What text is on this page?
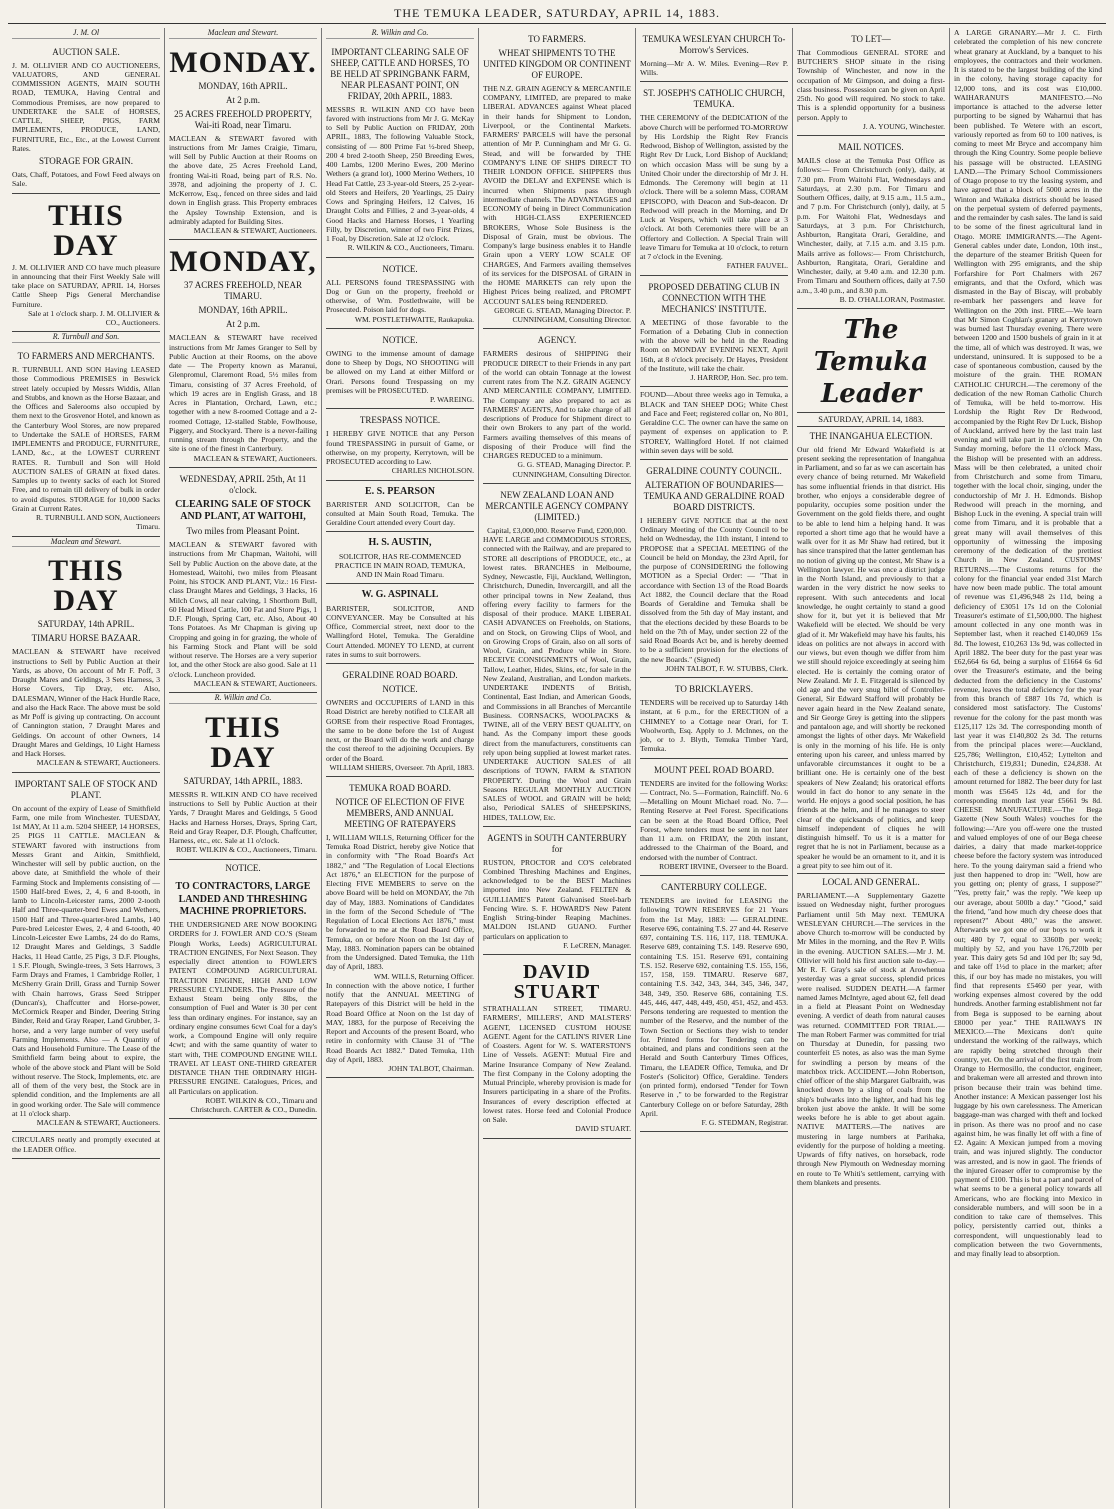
THE TEMUKA LEADER, SATURDAY, APRIL 14, 1883.
J. M. Ol
AUCTION SALE.
J. M. OLLIVIER AND CO AUCTIONEERS, VALUATORS, AND GENERAL COMMISSION AGENTS, MAIN SOUTH ROAD, TEMUKA, Having Central and Commodious Premises, are now prepared to UNDERTAKE the SALE of HORSES, CATTLE, SHEEP, PIGS, FARM IMPLEMENTS, PRODUCE, LAND, FURNITURE, Etc., Etc., at the Lowest Current Rates.
STORAGE FOR GRAIN.
Oats, Chaff, Potatoes, and Fowl Feed always on Sale.
THIS DAY
J. M. OLLIVIER AND CO have much pleasure in announcing that their First Weekly Sale will take place on SATURDAY, APRIL 14, Horses Cattle Sheep Pigs General Merchandise Furniture.
Sale at 1 o'clock sharp. J. M. OLLIVIER & CO., Auctioneers.
R. Turnbull and Son.
TO FARMERS AND MERCHANTS.
R. TURNBULL AND SON Having LEASED those Commodious PREMISES in Beswick street lately occupied by Messrs Widdis, Allan and Stubbs, and known as the Horse Bazaar, and the Offices and Salerooms also occupied by them next to the Grosvenor Hotel, and known as the Canterbury Wool Stores, are now prepared to Undertake the SALE of HORSES, FARM IMPLEMENTS and PRODUCE, FURNITURE, LAND, &c., at the LOWEST CURRENT RATES. R. Turnbull and Son will Hold AUCTION SALES of GRAIN at fixed dates. Samples up to twenty sacks of each lot Stored Free, and to remain till delivery of bulk in order to avoid disputes. STORAGE for 10,000 Sacks Grain at Current Rates.
R. TURNBULL AND SON, Auctioneers Timaru.
Maclean and Stewart.
THIS DAY
SATURDAY, 14th APRIL.
TIMARU HORSE BAZAAR.
MACLEAN & STEWART have received instructions to Sell by Public Auction at their Yards, as above, On account of Mr F. Poff, 3 Draught Mares and Geldings, 3 Sets Harness, 3 Horse Covers, Tip Dray, etc. Also, DALESMAN, Winner of the Hack Hurdle Race, and also the Hack Race. The above must be sold as Mr Poff is giving up contracting. On account of Cannington station, 7 Draught Mares and Geldings. On account of other Owners, 14 Draught Mares and Geldings, 10 Light Harness and Hack Horses.
MACLEAN & STEWART, Auctioneers.
IMPORTANT SALE OF STOCK AND PLANT.
On account of the expiry of Lease of Smithfield Farm, one mile from Winchester. TUESDAY, 1st MAY, At 11 a.m. 5204 SHEEP, 14 HORSES, 25 PIGS 11 CATTLE. MACLEAN & STEWART favored with instructions from Messrs Grant and Aitkin, Smithfield, Winchester will sell by public auction, on the above date, at Smithfield the whole of their Farming Stock and Implements consisting of — 1500 Half-bred Ewes, 2, 4, 6 and 8-tooth, in lamb to Lincoln-Leicester rams, 2000 2-tooth Half and Three-quarter-bred Ewes and Wethers, 1500 Half and Three-quarter-bred Lambs, 140 Pure-bred Leicester Ewes, 2, 4 and 6-tooth, 40 Lincoln-Leicester Ewe Lambs, 24 do do Rams, 12 Draught Mares and Geldings, 3 Saddle Hacks, 11 Head Cattle, 25 Pigs, 3 D.F. Ploughs, 1 S.F. Plough, Swingle-trees, 3 Sets Harrows, 3 Farm Drays and Frames, 1 Cambridge Roller, 1 McSherry Grain Drill, Grass and Turnip Sower with Chain harrows, Grass Seed Stripper (Duncan's), Chaffcutter and Horse-power, McCormick Reaper and Binder, Deering String Binder, Reid and Gray Reaper, Land Grubber, 3-horse, and a very large number of very useful Farming Implements. Also — A Quantity of Oats and Household Furniture. The Lease of the Smithfield farm being about to expire, the whole of the above stock and Plant will be Sold without reserve. The Stock, Implements, etc. are all of them of the very best, the Stock are in splendid condition, and the Implements are all in good working order. The Sale will commence at 11 o'clock sharp.
MACLEAN & STEWART, Auctioneers.
CIRCULARS neatly and promptly executed at the LEADER Office.
Maclean and Stewart.
MONDAY.
MONDAY, 16th APRIL.
At 2 p.m.
25 ACRES FREEHOLD PROPERTY, Wai-iti Road, near Timaru.
MACLEAN & STEWART favored with instructions from Mr James Craigie, Timaru, will Sell by Public Auction at their Rooms on the above date, 25 Acres Freehold Land, fronting Wai-iti Road, being part of R.S. No. 3978, and adjoining the property of J. C. McKerrow, Esq., fenced on three sides and laid down in English grass. This Property embraces the Apsley Township Extension, and is admirably adapted for Building Sites.
MACLEAN & STEWART, Auctioneers.
MONDAY,
37 ACRES FREEHOLD, NEAR TIMARU.
MONDAY, 16th APRIL.
At 2 p.m.
MACLEAN & STEWART have received instructions from Mr James Granger to Sell by Public Auction at their Rooms, on the above date — The Property known as Maranui, Glenpromul, Claremont Road, 5½ miles from Timaru, consisting of 37 Acres Freehold, of which 19 acres are in English Grass, and 18 Acres in Plantation, Orchard, Lawn, etc.; together with a new 8-roomed Cottage and a 2-roomed Cottage, 12-stalled Stable, Fowlhouse, Piggery, and Stockyard. There is a never-failing running stream through the Property, and the site is one of the finest in Canterbury.
MACLEAN & STEWART, Auctioneers.
WEDNESDAY, APRIL 25th, At 11 o'clock.
CLEARING SALE OF STOCK AND PLANT, AT WAITOHI,
Two miles from Pleasant Point.
MACLEAN & STEWART favored with instructions from Mr Chapman, Waitohi, will Sell by Public Auction on the above date, at the Homestead, Waitohi, two miles from Pleasant Point, his STOCK AND PLANT, Viz.: 16 First-class Draught Mares and Geldings, 3 Hacks, 16 Milch Cows, all near calving, 1 Shorthorn Bull, 60 Head Mixed Cattle, 100 Fat and Store Pigs, 1 D.F. Plough, Spring Cart, etc. Also, About 40 Tons Potatoes. As Mr Chapman is giving up Cropping and going in for grazing, the whole of his Farming Stock and Plant will be sold without reserve. The Horses are a very superior lot, and the other Stock are also good. Sale at 11 o'clock. Luncheon provided.
MACLEAN & STEWART, Auctioneers.
R. Wilkin and Co.
THIS DAY
SATURDAY, 14th APRIL, 1883.
MESSRS R. WILKIN AND CO have received instructions to Sell by Public Auction at their Yards, 7 Draught Mares and Geldings, 5 Good Hacks and Harness Horses, Drays, Spring Cart, Reid and Gray Reaper, D.F. Plough, Chaffcutter, Harness, etc., etc. Sale at 11 o'clock.
ROBT. WILKIN & CO., Auctioneers, Timaru.
NOTICE.
TO CONTRACTORS, LARGE LANDED AND THRESHING MACHINE PROPRIETORS.
THE UNDERSIGNED ARE NOW BOOKING ORDERS for J. FOWLER AND CO.'S (Steam Plough Works, Leeds) AGRICULTURAL TRACTION ENGINES, For Next Season. They especially direct attention to FOWLER'S PATENT COMPOUND AGRICULTURAL TRACTION ENGINE, HIGH AND LOW PRESSURE CYLINDERS. The Pressure of the Exhaust Steam being only 8lbs, the consumption of Fuel and Water is 30 per cent less than ordinary engines. For instance, say an ordinary engine consumes 6cwt Coal for a day's work, a Compound Engine will only require 4cwt; and with the same quantity of water to start with, THE COMPOUND ENGINE WILL TRAVEL AT LEAST ONE-THIRD GREATER DISTANCE THAN THE ORDINARY HIGH-PRESSURE ENGINE. Catalogues, Prices, and all Particulars on application.
ROBT. WILKIN & CO., Timaru and Christchurch. CARTER & CO., Dunedin.
R. Wilkin and Co.
IMPORTANT CLEARING SALE OF SHEEP, CATTLE AND HORSES, TO BE HELD AT SPRINGBANK FARM, NEAR PLEASANT POINT, ON FRIDAY, 20th APRIL, 1883.
MESSRS R. WILKIN AND CO have been favored with instructions from Mr J. G. McKay to Sell by Public Auction on FRIDAY, 20th APRIL, 1883, The following Valuable Stock, consisting of — 800 Prime Fat ½-bred Sheep, 200 4 bred 2-tooth Sheep, 250 Breeding Ewes, 400 Lambs, 1200 Merino Ewes, 200 Merino Wethers (a grand lot), 1000 Merino Wethers, 10 Head Fat Cattle, 23 3-year-old Steers, 25 2-year-old Steers and Heifers, 20 Yearlings, 25 Dairy Cows and Springing Heifers, 12 Calves, 16 Draught Colts and Fillies, 2 and 3-year-olds, 4 Good Hacks and Harness Horses, 1 Yearling Filly, by Discretion, winner of two First Prizes, 1 Foal, by Discretion. Sale at 12 o'clock.
R. WILKIN & CO., Auctioneers, Timaru.
NOTICE.
ALL PERSONS found TRESPASSING with Dog or Gun on the property, freehold or otherwise, of Wm. Postlethwaite, will be Prosecuted. Poison laid for dogs.
WM. POSTLETHWAITE, Raukapuka.
NOTICE.
OWING to the immense amount of damage done to Sheep by Dogs, NO SHOOTING will be allowed on my Land at either Milford or Orari. Persons found Trespassing on my premises will be PROSECUTED.
P. WAREING.
TRESPASS NOTICE.
I HEREBY GIVE NOTICE that any Person found TRESPASSING in pursuit of Game, or otherwise, on my property, Kerrytown, will be PROSECUTED according to Law.
CHARLES NICHOLSON.
E. S. PEARSON
BARRISTER AND SOLICITOR, Can be consulted at Main South Road, Temuka. The Geraldine Court attended every Court day.
H. S. AUSTIN,
SOLICITOR, HAS RE-COMMENCED PRACTICE IN MAIN ROAD, TEMUKA, AND IN Main Road Timaru.
W. G. ASPINALL
BARRISTER, SOLICITOR, AND CONVEYANCER. May be Consulted at his Office, Commercial street, next door to the Wallingford Hotel, Temuka. The Geraldine Court Attended. MONEY TO LEND, at current rates in sums to suit borrowers.
GERALDINE ROAD BOARD.
NOTICE.
OWNERS and OCCUPIERS of LAND in this Road District are hereby notified to CLEAR all GORSE from their respective Road Frontages, the same to be done before the 1st of August next, or the Board will do the work and charge the cost thereof to the adjoining Occupiers. By order of the Board.
WILLIAM SHIERS, Overseer. 7th April, 1883.
TEMUKA ROAD BOARD.
NOTICE OF ELECTION OF FIVE MEMBERS, AND ANNUAL MEETING OF RATEPAYERS
I, WILLIAM WILLS, Returning Officer for the Temuka Road District, hereby give Notice that in conformity with "The Road Board's Act 1882," and "The Regulation of Local Elections Act 1876," an ELECTION for the purpose of Electing FIVE MEMBERS to serve on the above Board will be held on MONDAY, the 7th day of May, 1883. Nominations of Candidates in the form of the Second Schedule of "The Regulation of Local Elections Act 1876," must be forwarded to me at the Road Board Office, Temuka, on or before Noon on the 1st day of May, 1883. Nomination papers can be obtained from the Undersigned. Dated Temuka, the 11th day of April, 1883.
WM. WILLS, Returning Officer.
In connection with the above notice, I further notify that the ANNUAL MEETING of Ratepayers of this District will be held in the Road Board Office at Noon on the 1st day of MAY, 1883, for the purpose of Receiving the Report and Accounts of the present Board, who retire in conformity with Clause 31 of "The Road Boards Act 1882." Dated Temuka, 11th day of April, 1883.
JOHN TALBOT, Chairman.
TO FARMERS.
WHEAT SHIPMENTS TO THE UNITED KINGDOM OR CONTINENT OF EUROPE.
THE N.Z. GRAIN AGENCY & MERCANTILE COMPANY, LIMITED, are prepared to make LIBERAL ADVANCES against Wheat placed in their hands for Shipment to London, Liverpool, or the Continental Markets. FARMERS' PARCELS will have the personal attention of Mr P. Cunningham and Mr G. G. Stead, and will be forwarded by THE COMPANY'S LINE OF SHIPS DIRECT TO THEIR LONDON OFFICE. SHIPPERS thus AVOID the DELAY and EXPENSE which is incurred when Shipments pass through intermediate channels. The ADVANTAGES and ECONOMY of being in Direct Communication with HIGH-CLASS EXPERIENCED BROKERS, Whose Sole Business is the Disposal of Grain, must be obvious. The Company's large business enables it to Handle Grain upon a VERY LOW SCALE OF CHARGES, And Farmers availing themselves of its services for the DISPOSAL of GRAIN in the HOME MARKETS can rely upon the Highest Prices being realized, and PROMPT ACCOUNT SALES being RENDERED.
GEORGE G. STEAD, Managing Director. P. CUNNINGHAM, Consulting Director.
AGENCY.
FARMERS desirous of SHIPPING their PRODUCE DIRECT to their Friends in any part of the world can obtain Tonnage at the lowest current rates from The N.Z. GRAIN AGENCY AND MERCANTILE COMPANY, LIMITED. The Company are also prepared to act as FARMERS' AGENTS, And to take charge of all descriptions of Produce for Shipment direct to their own Brokers to any part of the world. Farmers availing themselves of this means of disposing of their Produce will find the CHARGES REDUCED to a minimum.
G. G. STEAD, Managing Director. P. CUNNINGHAM, Consulting Director.
NEW ZEALAND LOAN AND MERCANTILE AGENCY COMPANY (LIMITED.)
Capital, £3,000,000. Reserve Fund, £200,000.
HAVE LARGE and COMMODIOUS STORES, connected with the Railway, and are prepared to STORE all descriptions of PRODUCE, etc., at lowest rates. BRANCHES in Melbourne, Sydney, Newcastle, Fiji, Auckland, Wellington, Christchurch, Dunedin, Invercargill, and all the other principal towns in New Zealand, thus offering every facility to farmers for the disposal of their produce. MAKE LIBERAL CASH ADVANCES on Freeholds, on Stations, and on Stock, on Growing Clips of Wool, and on Growing Crops of Grain, also on all sorts of Wool, Grain, and Produce while in Store. RECEIVE CONSIGNMENTS of Wool, Grain, Tallow, Leather, Hides, Skins, etc, for sale in the New Zealand, Australian, and London markets. UNDERTAKE INDENTS of British, Continental, East Indian, and American Goods, and Commissions in all Branches of Mercantile Business. CORNSACKS, WOOLPACKS & TWINE, all of the VERY BEST QUALITY, on hand. As the Company import these goods direct from the manufacturers, constituents can rely upon being supplied at lowest market rates. UNDERTAKE AUCTION SALES of all descriptions of TOWN, FARM & STATION PROPERTY. During the Wool and Grain Seasons REGULAR MONTHLY AUCTION SALES of WOOL and GRAIN will be held; also, Periodical SALES of SHEEPSKINS, HIDES, TALLOW, Etc.
AGENTS in SOUTH CANTERBURY for
RUSTON, PROCTOR and CO'S celebrated Combined Threshing Machines and Engines, acknowledged to be the BEST Machines imported into New Zealand. FELTEN & GUILLIAME'S Patent Galvanised Steel-barb Fencing Wire. S. F. HOWARD'S New Patent English String-binder Reaping Machines. MALDON ISLAND GUANO. Further particulars on application to
F. LeCREN, Manager.
DAVID STUART
STRATHALLAN STREET, TIMARU. FARMERS', MILLERS', AND MALSTERS' AGENT, LICENSED CUSTOM HOUSE AGENT. Agent for the CATLIN'S RIVER Line of Coasters. Agent for W. S. WATERSTON'S Line of Vessels. AGENT: Mutual Fire and Marine Insurance Company of New Zealand. The first Company in the Colony adopting the Mutual Principle, whereby provision is made for Insurers participating in a share of the Profits. Insurances of every description effected at lowest rates. Horse feed and Colonial Produce on Sale.
DAVID STUART.
TEMUKA WESLEYAN CHURCH To-Morrow's Services.
Morning—Mr A. W. Miles. Evening—Rev P. Wills.
ST. JOSEPH'S CATHOLIC CHURCH, TEMUKA.
THE CEREMONY of the DEDICATION of the above Church will be performed TO-MORROW by His Lordship the Right Rev Francis Redwood, Bishop of Wellington, assisted by the Right Rev Dr Luck, Lord Bishop of Auckland; on which occasion Mass will be sung by a United Choir under the directorship of Mr J. H. Edmonds. The Ceremony will begin at 11 o'clock. There will be a solemn Mass, CORAM EPISCOPO, with Deacon and Sub-deacon. Dr Redwood will preach in the Morning, and Dr Luck at Vespers, which will take place at 3 o'clock. At both Ceremonies there will be an Offertory and Collection. A Special Train will leave Timaru for Temuka at 10 o'clock, to return at 7 o'clock in the Evening.
FATHER FAUVEL.
PROPOSED DEBATING CLUB IN CONNECTION WITH THE MECHANICS' INSTITUTE.
A MEETING of those favorable to the Formation of a Debating Club in connection with the above will be held in the Reading Room on MONDAY EVENING NEXT, April 16th, at 8 o'clock precisely. Dr Hayes, President of the Institute, will take the chair.
J. HARROP, Hon. Sec. pro tem.
FOUND—About three weeks ago in Temuka, a BLACK and TAN SHEEP DOG; White Chest and Face and Feet; registered collar on, No 801, Geraldine C.C. The owner can have the same on payment of expenses on application to P. STOREY, Wallingford Hotel. If not claimed within seven days will be sold.
GERALDINE COUNTY COUNCIL.
ALTERATION OF BOUNDARIES—TEMUKA AND GERALDINE ROAD BOARD DISTRICTS.
I HEREBY GIVE NOTICE that at the next Ordinary Meeting of the County Council to be held on Wednesday, the 11th instant, I intend to PROPOSE that a SPECIAL MEETING of the Council be held on Monday, the 23rd April, for the purpose of CONSIDERING the following MOTION as a Special Order: — "That in accordance with Section 13 of the Road Boards Act 1882, the Council declare that the Road Boards of Geraldine and Temuka shall be dissolved from the 5th day of May instant, and that the elections decided by these Boards to be held on the 7th of May, under section 22 of the said Road Boards Act be, and is hereby deemed to be a sufficient provision for the elections of the new Boards." (Signed)
JOHN TALBOT, F. W. STUBBS, Clerk.
TO BRICKLAYERS.
TENDERS will be received up to Saturday 14th instant, at 6 p.m., for the ERECTION of a CHIMNEY to a Cottage near Orari, for T. Woolworth, Esq. Apply to J. McInnes, on the job, or to J. Blyth, Temuka Timber Yard, Temuka.
MOUNT PEEL ROAD BOARD.
TENDERS are invited for the following Works: — Contract, No. 5—Formation, Raincliff. No. 6—Metalling on Mount Michael road. No. 7—Renting Reserve at Peel Forest. Specifications can be seen at the Road Board Office, Peel Forest, where tenders must be sent in not later than 11 a.m. on FRIDAY, the 20th instant, addressed to the Chairman of the Board, and endorsed with the number of Contract.
ROBERT IRVINE, Overseer to the Board.
CANTERBURY COLLEGE.
TENDERS are invited for LEASING the following TOWN RESERVES for 21 Years from the 1st May, 1883: — GERALDINE. Reserve 696, containing T.S. 27 and 44. Reserve 697, containing T.S. 116, 117, 118. TEMUKA. Reserve 689, containing T.S. 149. Reserve 690, containing T.S. 151. Reserve 691, containing T.S. 152. Reserve 692, containing T.S. 155, 156, 157, 158, 159. TIMARU. Reserve 687, containing T.S. 342, 343, 344, 345, 346, 347, 348, 349, 350. Reserve 686, containing T.S. 445, 446, 447, 448, 449, 450, 451, 452, and 453. Persons tendering are requested to mention the number of the Reserve, and the number of the Town Section or Sections they wish to tender for. Printed forms for Tendering can be obtained, and plans and conditions seen at the Herald and South Canterbury Times Offices, Timaru, the LEADER Office, Temuka, and Dr Foster's (Solicitor) Office, Geraldine. Tenders (on printed form), endorsed "Tender for Town Reserve in ," to be forwarded to the Registrar Canterbury College on or before Saturday, 28th April.
F. G. STEDMAN, Registrar.
TO LET—
That Commodious GENERAL STORE and BUTCHER'S SHOP situate in the rising Township of Winchester, and now in the occupation of Mr Gimpson, and doing a first-class business. Possession can be given on April 25th. No good will required. No stock to take. This is a splendid opportunity for a business person. Apply to
J. A. YOUNG, Winchester.
MAIL NOTICES.
MAILS close at the Temuka Post Office as follows:— From Christchurch (only), daily, at 7.30 pm. From Waitohi Flat, Wednesdays and Saturdays, at 2.30 p.m. For Timaru and Southern Offices, daily, at 9.15 a.m., 11.5 a.m., and 7 p.m. For Christchurch (only), daily, at 5 p.m. For Waitohi Flat, Wednesdays and Saturdays, at 3 p.m. For Christchurch, Ashburton, Rangitata Orari, Geraldine, and Winchester, daily, at 7.15 a.m. and 3.15 p.m. Mails arrive as follows:— From Christchurch, Ashburton, Rangitata, Orari, Geraldine and Winchester, daily, at 9.40 a.m. and 12.30 p.m. From Timaru and Southern offices, daily at 7.50 a.m., 3.40 p.m., and 8.30 p.m.
B. D. O'HALLORAN, Postmaster.
The Temuka Leader
SATURDAY, APRIL 14, 1883.
THE INANGAHUA ELECTION.
Our old friend Mr Edward Wakefield is at present seeking the representation of Inangahua in Parliament, and so far as we can ascertain has every chance of being returned. Mr Wakefield has some influential friends in that district. His brother, who enjoys a considerable degree of popularity, occupies some position under the Government on the gold fields there, and ought to be able to lend him a helping hand. It was reported a short time ago that he would have a walk over for it as Mr Shaw had retired, but it has since transpired that the latter gentleman has no notion of giving up the contest, Mr Shaw is a Wellington lawyer. He was once a district judge in the North Island, and previously to that a warden in the very district he now seeks to represent. With such antecedents and local knowledge, he ought certainly to stand a good show for it, but yet it is believed that Mr Wakefield will be elected. We should be very glad of it. Mr Wakefield may have his faults, his ideas on politics are not always in accord with our views, but even though we differ from him we still should rejoice exceedingly at seeing him elected. He is certainly the coming orator of New Zealand. Mr J. E. Fitzgerald is silenced by old age and the very snug billet of Controller-General, Sir Edward Stafford will probably be never again heard in the New Zealand senate, and Sir George Grey is getting into the slippers and pantaloon age, and will shortly be reckoned amongst the lights of other days. Mr Wakefield is only in the morning of his life. He is only entering upon his career, and unless marred by unfavorable circumstances it ought to be a brilliant one. He is certainly one of the best speakers of New Zealand; his oratorical efforts would in fact do honor to any senate in the world. He enjoys a good social position, he has friends at the helm, and if he manages to steer clear of the quicksands of politics, and keep himself independent of cliques he will distinguish himself. To us it is a matter for regret that he is not in Parliament, because as a speaker he would be an ornament to it, and it is a great pity to see him out of it.
LOCAL AND GENERAL.
PARLIAMENT.—A Supplementary Gazette issued on Wednesday night, further prorogues Parliament until 5th May next. TEMUKA WESLEYAN CHURCH.—The services in the above Church to-morrow will be conducted by Mr Miles in the morning, and the Rev P. Wills in the evening. AUCTION SALES.—Mr J. M. Ollivier will hold his first auction sale to-day.—Mr R. F. Gray's sale of stock at Arowhenua yesterday was a great success, splendid prices were realised. SUDDEN DEATH.—A farmer named James McIntyre, aged about 62, fell dead in a field at Pleasant Point on Wednesday evening. A verdict of death from natural causes was returned. COMMITTED FOR TRIAL.—The man Robert Farmer was committed for trial on Thursday at Dunedin, for passing two counterfeit £5 notes, as also was the man Syme for swindling a person by means of the matchbox trick. ACCIDENT.—John Robertson, chief officer of the ship Margaret Galbraith, was knocked down by a sling of coals from the ship's bulwarks into the lighter, and had his leg broken just above the ankle. It will be some weeks before he is able to get about again. NATIVE MATTERS.—The natives are mustering in large numbers at Parihaka, evidently for the purpose of holding a meeting. Upwards of fifty natives, on horseback, rode through New Plymouth on Wednesday morning en route to Te Whiti's settlement, carrying with them blankets and presents.
A LARGE GRANARY.—Mr J. C. Firth celebrated the completion of his new concrete wheat granary at Auckland, by a banquet to his employees, the contractors and their workmen. It is stated to be the largest building of the kind in the colony, having storage capacity for 12,000 tons, and its cost was £10,000. WAIHARANUI'S MANIFESTO.—No importance is attached to the adverse letter purporting to be signed by Waharnui that has been published. Te Wetere with an escort, variously reported as from 60 to 100 natives, is coming to meet Mr Bryce and accompany him through the King Country. Some people believe his passage will be obstructed. LEASING LAND.—The Primary School Commissioners of Otago propose to try the leasing system, and have agreed that a block of 5000 acres in the Winton and Waikaka districts should be leased on the perpetual system of deferred payments, and the remainder by cash sales. The land is said to be some of the finest agricultural land in Otago. MORE IMMIGRANTS.—The Agent-General cables under date, London, 10th inst., the departure of the steamer British Queen for Wellington with 295 emigrants, and the ship Forfarshire for Port Chalmers with 267 emigrants, and that the Oxford, which was dismasted in the Bay of Biscay, will probably re-embark her passengers and leave for Wellington on the 20th inst. FIRE.—We learn that Mr Simon Coghlan's granary at Kerrytown was burned last Thursday evening. There were between 1200 and 1500 bushels of grain in it at the time, all of which was destroyed. It was, we understand, uninsured. It is supposed to be a case of spontaneous combustion, caused by the moisture of the grain. THE ROMAN CATHOLIC CHURCH.—The ceremony of the dedication of the new Roman Catholic Church of Temuka, will be held to-morrow. His Lordship the Right Rev Dr Redwood, accompanied by the Right Rev Dr Luck, Bishop of Auckland, arrived here by the last train last evening and will take part in the ceremony. On Sunday morning, before the 11 o'clock Mass, the Bishop will be presented with an address. Mass will be then celebrated, a united choir from Christchurch and some from Timaru, together with the local choir, singing, under the conductorship of Mr J. H. Edmonds. Bishop Redwood will preach in the morning, and Bishop Luck in the evening. A special train will come from Timaru, and it is probable that a great many will avail themselves of this opportunity of witnessing the imposing ceremony of the dedication of the prettiest Church in New Zealand. CUSTOMS' RETURNS.—The Customs returns for the colony for the financial year ended 31st March have now been made public. The total amount of revenue was £1,496,948 2s 11d, being a deficiency of £3051 17s 1d on the Colonial Treasurer's estimate of £1,500,000. The highest amount collected in any one month was in September last, when it reached £140,069 15s 8d. The lowest, £10,263 13s 9d, was collected in April 1882. The beer duty for the past year was £62,664 6s 6d, being a surplus of £1664 6s 6d over the Treasurer's estimate, and the being deducted from the deficiency in the Customs' revenue, leaves the total deficiency for the year from this branch of £887 10s 7d, which is considered most satisfactory. The Customs' revenue for the colony for the past month was £125,117 12s 3d. The corresponding month of last year it was £140,802 2s 3d. The returns from the principal places were:—Auckland, £25,786; Wellington, £10,452; Lyttelton and Christchurch, £19,831; Dunedin, £24,838. At each of these a deficiency is shown on the amount returned for 1882. The beer duty for last month was £5645 12s 4d, and for the corresponding month last year £5661 9s 8d. CHEESE MANUFACTURE.—The Bega Gazette (New South Wales) vouches for the following:—'Are you off-were one the trusted and valued employes of one of our Bega cheese dairies, a dairy that made market-topprice cheese before the factory system was introduced here. To the young dairyman said a friend who just then happened to drop in: "Well, how are you getting on; plenty of grass, I suppose?" "Yes, pretty fair," was the reply. "We keep up our average, about 500lb a day." "Good," said the friend, "and how much dry cheese does that represent?" About 480," was the answer. Afterwards we got one of our boys to work it out; 480 by 7, equal to 3360lb per week; multiply by 52, and you have 176,720lb per year. This dairy gets 5d and 10d per lb; say 9d, and take off 1½d to place in the market; after this, if our boy has made no mistakes, you will find that represents £5460 per year, with working expenses almost covered by the odd hundreds. Another farming establishment not far from Bega is supposed to be earning about £8000 per year." THE RAILWAYS IN MEXICO.—The Mexicans don't quite understand the working of the railways, which are rapidly being stretched through their country, yet. On the arrival of the first train from Orange to Hermosillo, the conductor, engineer, and brakeman were all arrested and thrown into prison because their train was behind time. Another instance: A Mexican passenger lost his luggage by his own carelessness. The American baggage-man was charged with theft and locked in prison. As there was no proof and no case against him, he was finally let off with a fine of £2. Again: A Mexican jumped from a moving train, and was injured slightly. The conductor was arrested, and is now in gaol. The friends of the injured Greaser offer to compromise by the payment of £100. This is but a part and parcel of what seems to be a general policy towards all Americans, who are flocking into Mexico in considerable numbers, and will soon be in a condition to take care of themselves. This policy, persistently carried out, thinks a correspondent, will unquestionably lead to complication between the two Governments, and may finally lead to absorption.
